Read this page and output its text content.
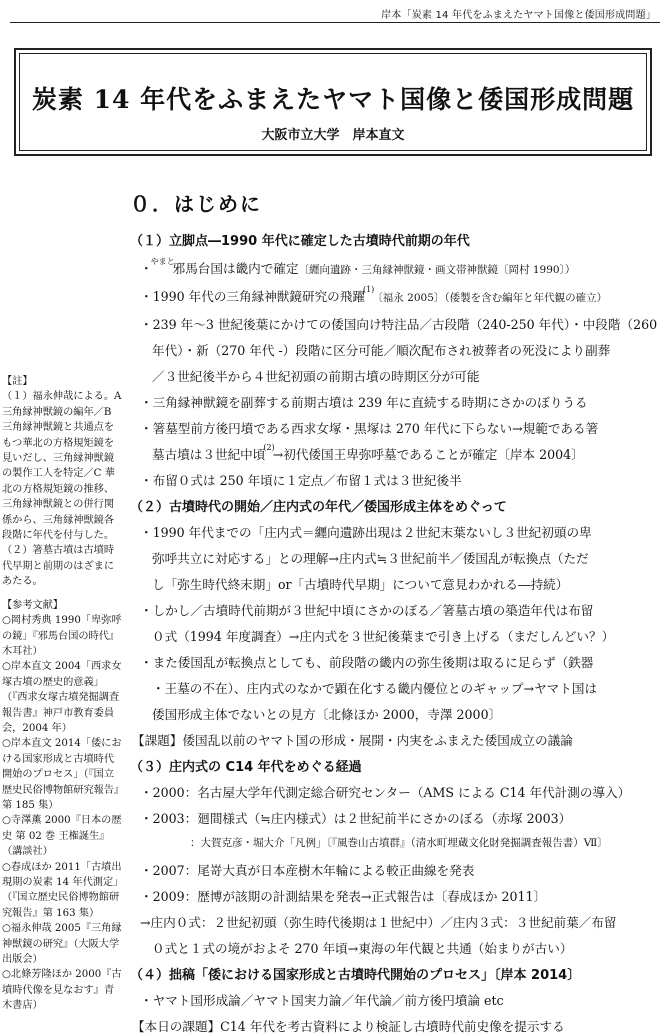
岸本「炭素 14 年代をふまえたヤマト国像と倭国形成問題」
炭素 14 年代をふまえたヤマト国像と倭国形成問題
大阪市立大学　岸本直文
０．はじめに
（１）立脚点―1990 年代に確定した古墳時代前期の年代
・$^{やまと}$邪馬台国は畿内で確定〔纒向遺跡・三角縁神獣鏡・画文帯神獣鏡〔岡村 1990〕）
・1990 年代の三角縁神獣鏡研究の飛躍$^{(1)}$〔福永 2005〕（倭製を含む編年と年代観の確立）
・239 年～3 世紀後葉にかけての倭国向け特注品／古段階（240-250 年代）・中段階（260
年代）・新（270 年代 -）段階に区分可能／順次配布され被葬者の死没により副葬
／３世紀後半から４世紀初頭の前期古墳の時期区分が可能
・三角縁神獣鏡を副葬する前期古墳は 239 年に直続する時期にさかのぼりうる
・箸墓型前方後円墳である西求女塚・黒塚は 270 年代に下らない→規範である箸
墓古墳は３世紀中頃$^{(2)}$→初代倭国王卑弥呼墓であることが確定〔岸本 2004〕
・布留０式は 250 年頃に１定点／布留１式は３世紀後半
（２）古墳時代の開始／庄内式の年代／倭国形成主体をめぐって
・1990 年代までの「庄内式＝纒向遺跡出現は２世紀末葉ないし３世紀初頭の卑
弥呼共立に対応する」との理解→庄内式≒３世紀前半／倭国乱が転換点（ただ
し「弥生時代終末期」or「古墳時代早期」について意見わかれる―持続）
・しかし／古墳時代前期が３世紀中頃にさかのぼる／箸墓古墳の築造年代は布留
０式（1994 年度調査）→庄内式を３世紀後葉まで引き上げる（まだしんどい？）
・また倭国乱が転換点としても、前段階の畿内の弥生後期は取るに足らず（鉄器
・王墓の不在）、庄内式のなかで顕在化する畿内優位とのギャップ→ヤマト国は
倭国形成主体でないとの見方〔北條ほか 2000，寺澤 2000〕
【課題】倭国乱以前のヤマト国の形成・展開・内実をふまえた倭国成立の議論
（３）庄内式の C14 年代をめぐる経過
・2000：名古屋大学年代測定総合研究センター（AMS による C14 年代計測の導入）
・2003：廻間様式（≒庄内様式）は２世紀前半にさかのぼる（赤塚 2003）
：大賀克彦・堀大介「凡例」〔『風巻山古墳群』（清水町埋蔵文化財発掘調査報告書）Ⅶ〕
・2007：尾嵜大真が日本産樹木年輪による較正曲線を発表
・2009：歴博が該期の計測結果を発表→正式報告は〔春成ほか 2011〕
→庄内０式：２世紀初頭（弥生時代後期は１世紀中）／庄内３式：３世紀前葉／布留
０式と１式の境がおよそ 270 年頃→東海の年代観と共通（始まりが古い）
（４）拙稿「倭における国家形成と古墳時代開始のプロセス」〔岸本 2014〕
・ヤマト国形成論／ヤマト国実力論／年代論／前方後円墳論 etc
【本日の課題】C14 年代を考古資料により検証し古墳時代前史像を提示する

【註】

（１）福永伸哉による。A 三角縁神獣鏡の編年／B 三角縁神獣鏡と共通点をもつ華北の方格規矩鏡を見いだし、三角縁神獣鏡の製作工人を特定／C 華北の方格規矩鏡の推移、三角縁神獣鏡との併行関係から、三角縁神獣鏡各段階に年代を付与した。

（２）箸墓古墳は古墳時代早期と前期のはざまにあたる。

【参考文献】

○岡村秀典 1990「卑弥呼の鏡」『邪馬台国の時代』木耳社）

○岸本直文 2004「西求女塚古墳の歴史的意義」（『西求女塚古墳発掘調査報告書』神戸市教育委員会，2004 年）

○岸本直文 2014「倭における国家形成と古墳時代開始のプロセス」（『国立歴史民俗博物館研究報告』第 185 集）

○寺澤薫 2000『日本の歴史 第 02 巻 王権誕生』（講談社）

○春成ほか 2011「古墳出現期の炭素 14 年代測定」（『国立歴史民俗博物館研究報告』第 163 集）

○福永伸哉 2005『三角縁神獣鏡の研究』（大阪大学出版会）

○北條芳隆ほか 2000『古墳時代像を見なおす』青木書店）
